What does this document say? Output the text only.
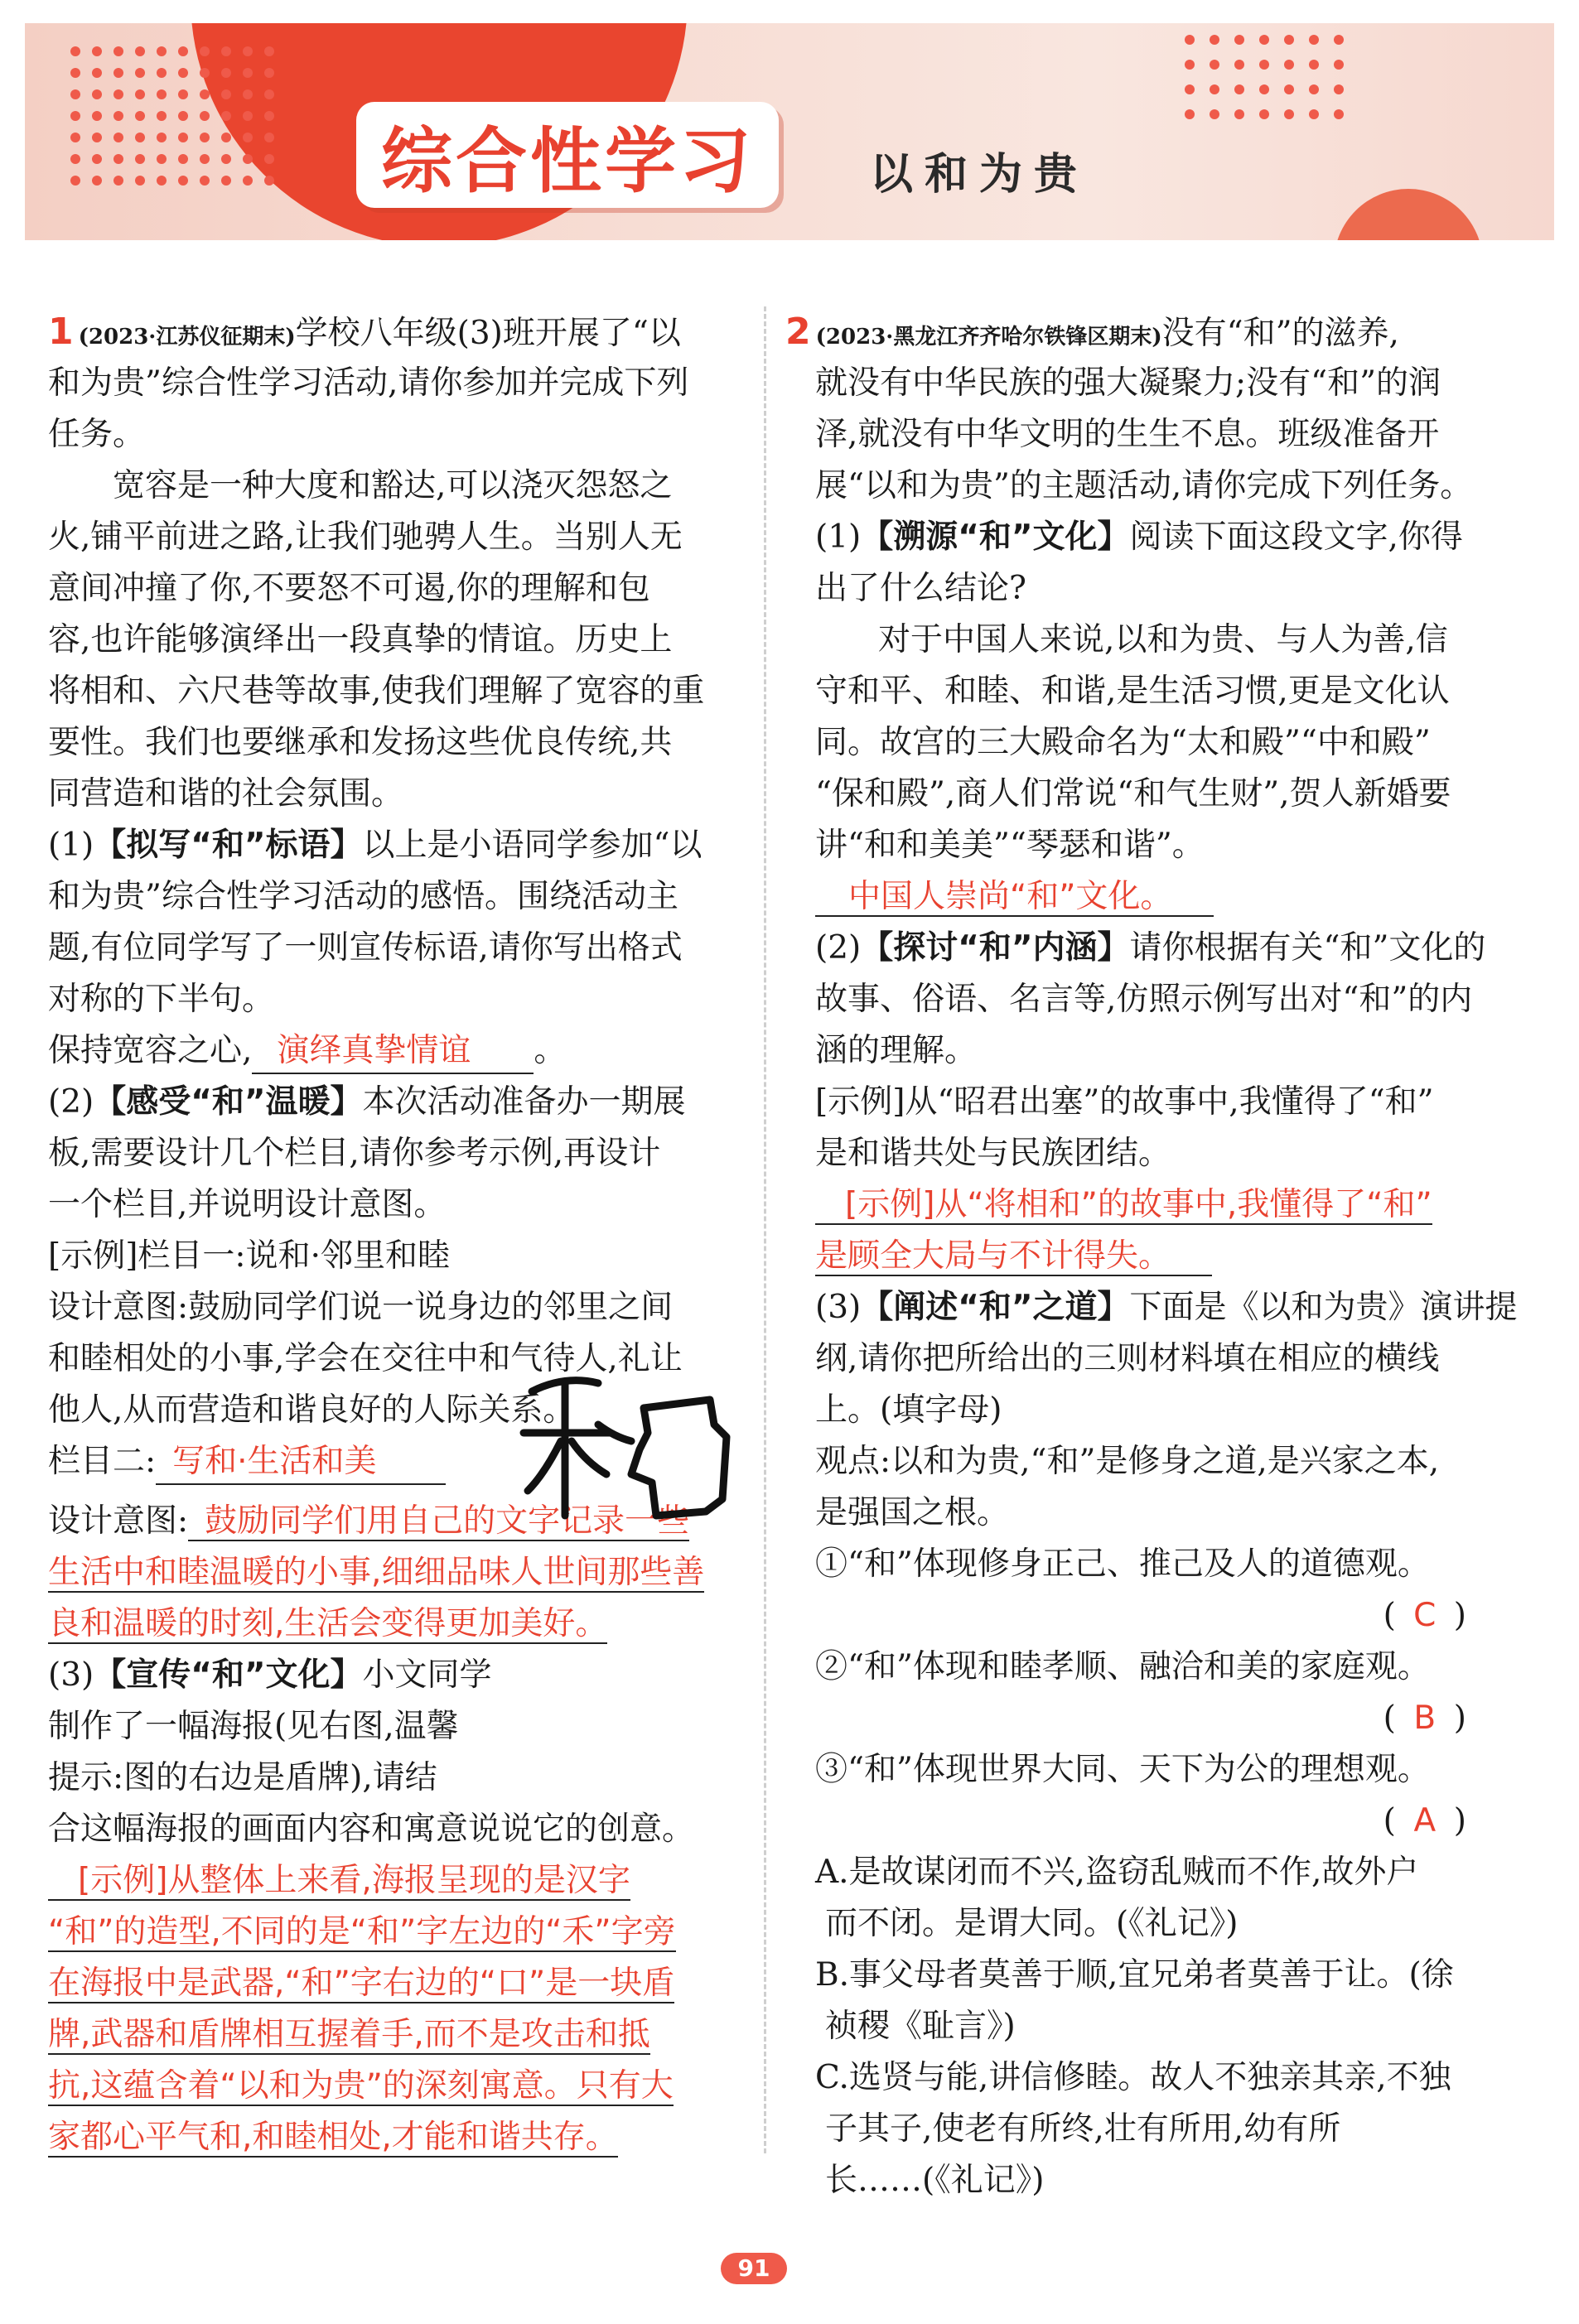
综合性学习	以和为贵
1 (2023·江苏仪征期末)学校八年级(3)班开展了“以
和为贵”综合性学习活动,请你参加并完成下列
任务。
宽容是一种大度和豁达,可以浇灭怨怒之
火,铺平前进之路,让我们驰骋人生。当别人无
意间冲撞了你,不要怒不可遏,你的理解和包
容,也许能够演绎出一段真挚的情谊。历史上
将相和、六尺巷等故事,使我们理解了宽容的重
要性。我们也要继承和发扬这些优良传统,共
同营造和谐的社会氛围。
(1)【拟写“和”标语】以上是小语同学参加“以
和为贵”综合性学习活动的感悟。围绕活动主
题,有位同学写了一则宣传标语,请你写出格式
对称的下半句。
保持宽容之心, 演绎真挚情谊 。
(2)【感受“和”温暖】本次活动准备办一期展
板,需要设计几个栏目,请你参考示例,再设计
一个栏目,并说明设计意图。
[示例]栏目一:说和·邻里和睦
设计意图:鼓励同学们说一说身边的邻里之间
和睦相处的小事,学会在交往中和气待人,礼让
他人,从而营造和谐良好的人际关系。
栏目二: 写和·生活和美
设计意图: 鼓励同学们用自己的文字记录一些
生活中和睦温暖的小事,细细品味人世间那些善
良和温暖的时刻,生活会变得更加美好。
(3)【宣传“和”文化】小文同学
制作了一幅海报(见右图,温馨
提示:图的右边是盾牌),请结
合这幅海报的画面内容和寓意说说它的创意。
[示例]从整体上来看,海报呈现的是汉字
“和”的造型,不同的是“和”字左边的“禾”字旁
在海报中是武器,“和”字右边的“口”是一块盾
牌,武器和盾牌相互握着手,而不是攻击和抵
抗,这蕴含着“以和为贵”的深刻寓意。只有大
家都心平气和,和睦相处,才能和谐共存。
2 (2023·黑龙江齐齐哈尔铁锋区期末)没有“和”的滋养,
就没有中华民族的强大凝聚力;没有“和”的润
泽,就没有中华文明的生生不息。班级准备开
展“以和为贵”的主题活动,请你完成下列任务。
(1)【溯源“和”文化】阅读下面这段文字,你得
出了什么结论?
对于中国人来说,以和为贵、与人为善,信
守和平、和睦、和谐,是生活习惯,更是文化认
同。故宫的三大殿命名为“太和殿”“中和殿”
“保和殿”,商人们常说“和气生财”,贺人新婚要
讲“和和美美”“琴瑟和谐”。
中国人崇尚“和”文化。
(2)【探讨“和”内涵】请你根据有关“和”文化的
故事、俗语、名言等,仿照示例写出对“和”的内
涵的理解。
[示例]从“昭君出塞”的故事中,我懂得了“和”
是和谐共处与民族团结。
[示例]从“将相和”的故事中,我懂得了“和”
是顾全大局与不计得失。
(3)【阐述“和”之道】下面是《以和为贵》演讲提
纲,请你把所给出的三则材料填在相应的横线
上。(填字母)
观点:以和为贵,“和”是修身之道,是兴家之本,
是强国之根。
①“和”体现修身正己、推己及人的道德观。
( C )
②“和”体现和睦孝顺、融洽和美的家庭观。
( B )
③“和”体现世界大同、天下为公的理想观。
( A )
A.是故谋闭而不兴,盗窃乱贼而不作,故外户
而不闭。是谓大同。(《礼记》)
B.事父母者莫善于顺,宜兄弟者莫善于让。(徐
祯稷《耻言》)
C.选贤与能,讲信修睦。故人不独亲其亲,不独
子其子,使老有所终,壮有所用,幼有所
长……(《礼记》)
91
